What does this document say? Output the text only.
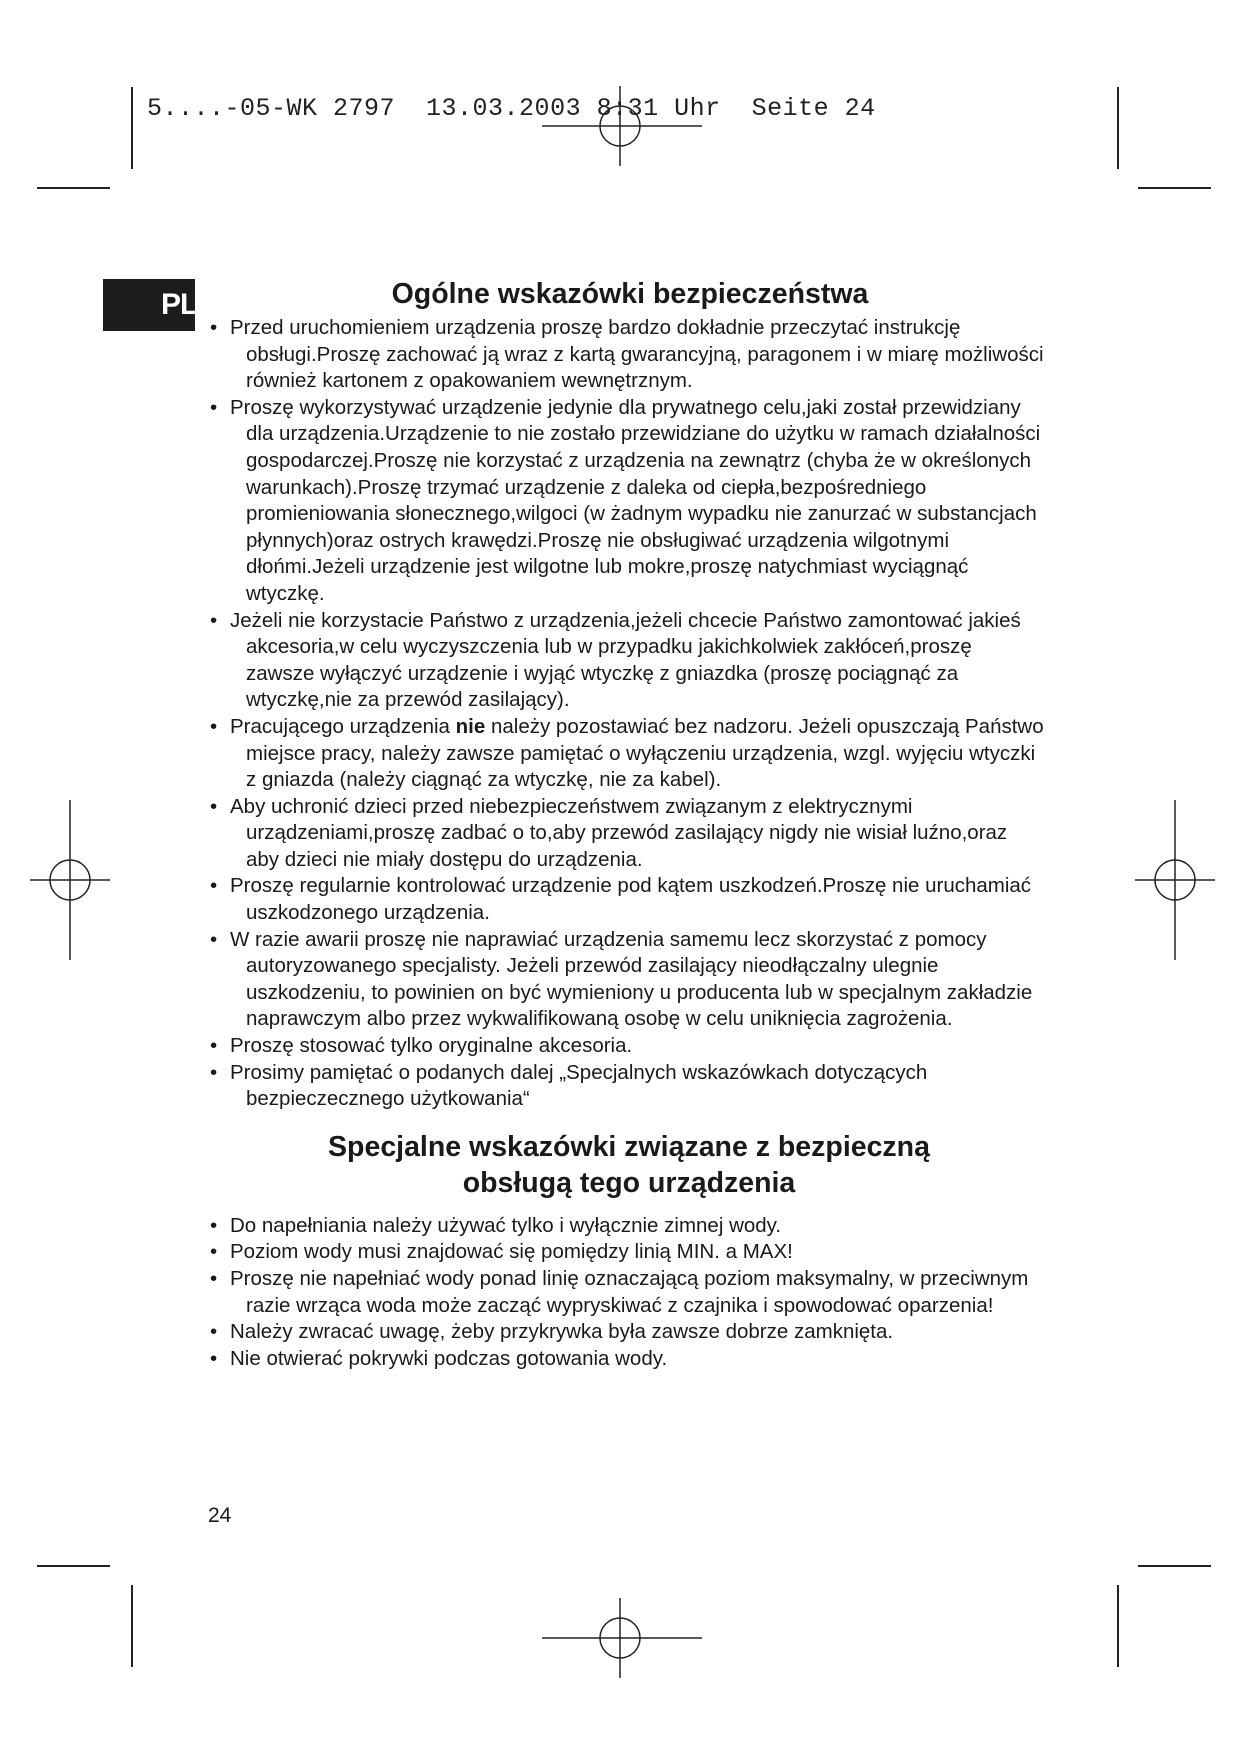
5....-05-WK 2797  13.03.2003 8:31 Uhr  Seite 24
PL	Ogólne wskazówki bezpieczeństwa
• Przed uruchomieniem urządzenia proszę bardzo dokładnie przeczytać instrukcję obsługi.Proszę zachować ją wraz z kartą gwarancyjną, paragonem i w miarę możliwości również kartonem z opakowaniem wewnętrznym.
• Proszę wykorzystywać urządzenie jedynie dla prywatnego celu,jaki został przewidziany dla urządzenia.Urządzenie to nie zostało przewidziane do użytku w ramach działalności gospodarczej.Proszę nie korzystać z urządzenia na zewnątrz (chyba że w określonych warunkach).Proszę trzymać urządzenie z daleka od ciepła,bezpośredniego promieniowania słonecznego,wilgoci (w żadnym wypadku nie zanurzać w substancjach płynnych)oraz ostrych krawędzi.Proszę nie obsługiwać urządzenia wilgotnymi dłońmi.Jeżeli urządzenie jest wilgotne lub mokre,proszę natychmiast wyciągnąć wtyczkę.
• Jeżeli nie korzystacie Państwo z urządzenia,jeżeli chcecie Państwo zamontować jakieś akcesoria,w celu wyczyszczenia lub w przypadku jakichkolwiek zakłóceń,proszę zawsze wyłączyć urządzenie i wyjąć wtyczkę z gniazdka (proszę pociągnąć za wtyczkę,nie za przewód zasilający).
• Pracującego urządzenia nie należy pozostawiać bez nadzoru. Jeżeli opuszczają Państwo miejsce pracy, należy zawsze pamiętać o wyłączeniu urządzenia, wzgl. wyjęciu wtyczki z gniazda (należy ciągnąć za wtyczkę, nie za kabel).
• Aby uchronić dzieci przed niebezpieczeństwem związanym z elektrycznymi urządzeniami,proszę zadbać o to,aby przewód zasilający nigdy nie wisiał luźno,oraz aby dzieci nie miały dostępu do urządzenia.
• Proszę regularnie kontrolować urządzenie pod kątem uszkodzeń.Proszę nie uruchamiać uszkodzonego urządzenia.
• W razie awarii proszę nie naprawiać urządzenia samemu lecz skorzystać z pomocy autoryzowanego specjalisty. Jeżeli przewód zasilający nieodłączalny ulegnie uszkodzeniu, to powinien on być wymieniony u producenta lub w specjalnym zakładzie naprawczym albo przez wykwalifikowaną osobę w celu uniknięcia zagrożenia.
• Proszę stosować tylko oryginalne akcesoria.
• Prosimy pamiętać o podanych dalej „Specjalnych wskazówkach dotyczących bezpieczecznego użytkowania“
Specjalne wskazówki związane z bezpieczną
obsługą tego urządzenia
• Do napełniania należy używać tylko i wyłącznie zimnej wody.
• Poziom wody musi znajdować się pomiędzy linią MIN. a MAX!
• Proszę nie napełniać wody ponad linię oznaczającą poziom maksymalny, w przeciwnym razie wrząca woda może zacząć wypryskiwać z czajnika i spowodować oparzenia!
• Należy zwracać uwagę, żeby przykrywka była zawsze dobrze zamknięta.
• Nie otwierać pokrywki podczas gotowania wody.
24
